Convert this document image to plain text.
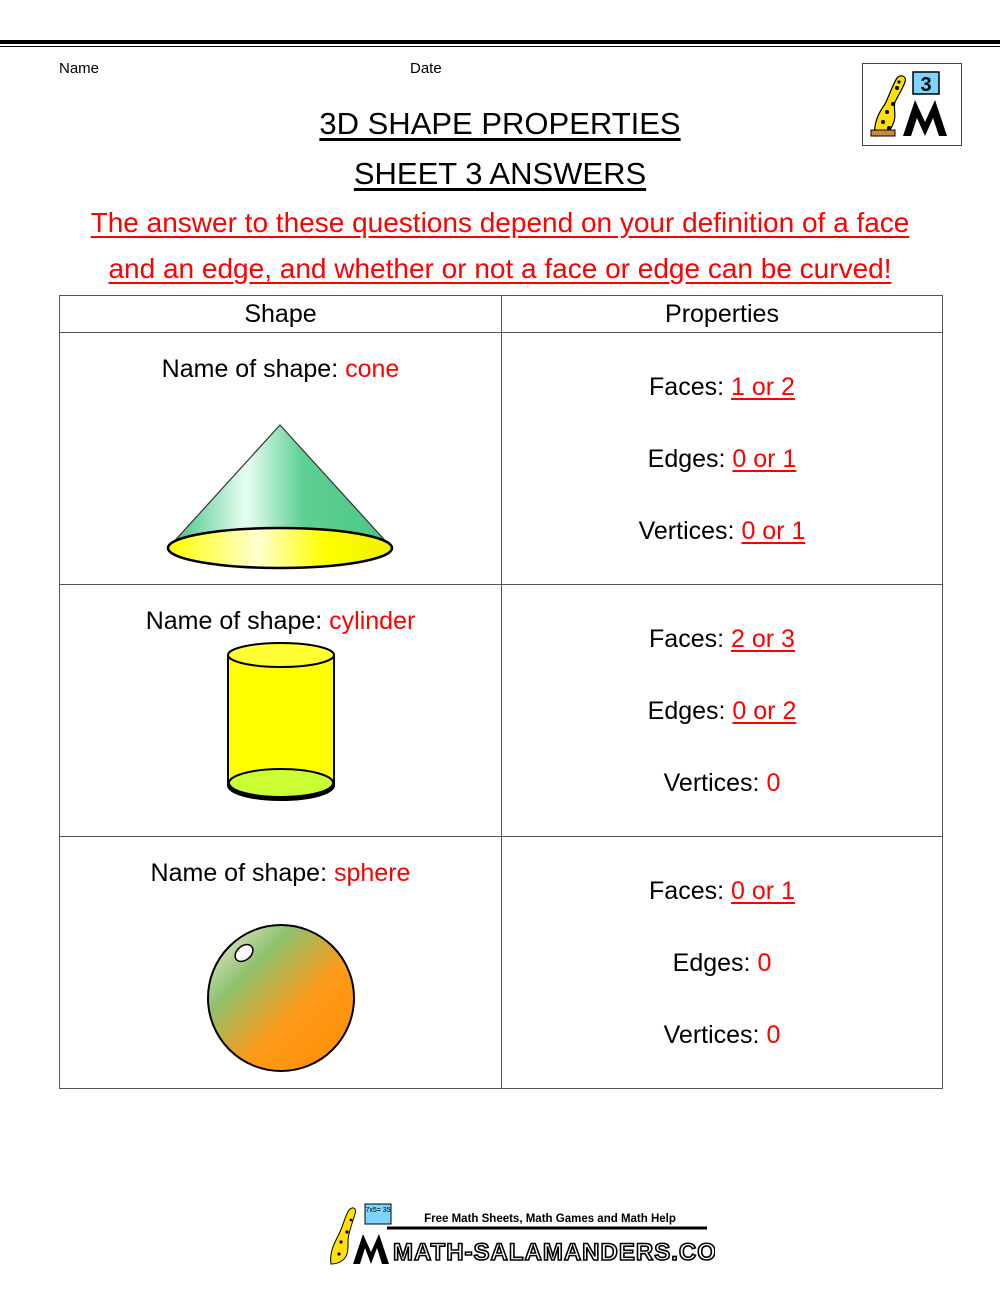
Name	Date
3
3D SHAPE PROPERTIES
SHEET 3 ANSWERS
The answer to these questions depend on your definition of a face
and an edge, and whether or not a face or edge can be curved!
Shape	Properties

Name of shape: cone	Faces: 1 or 2
Edges: 0 or 1
Vertices: 0 or 1

Name of shape: cylinder	Faces: 2 or 3
Edges: 0 or 2
Vertices: 0

Name of shape: sphere	Faces: 0 or 1
Edges: 0
Vertices: 0
7x5= 35
Free Math Sheets, Math Games and Math Help
MATH-SALAMANDERS.COM
